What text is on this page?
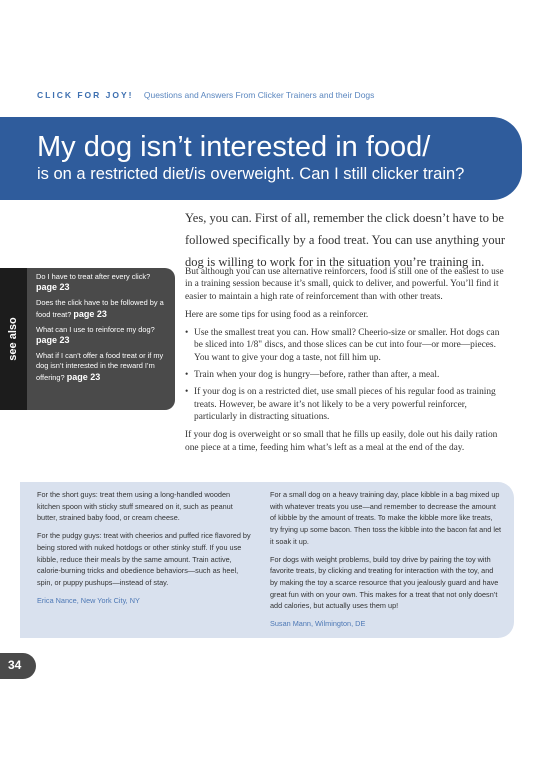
CLICK FOR JOY! Questions and Answers From Clicker Trainers and their Dogs
My dog isn’t interested in food/
is on a restricted diet/is overweight. Can I still clicker train?
Yes, you can. First of all, remember the click doesn’t have to be followed specifically by a food treat. You can use anything your dog is willing to work for in the situation you’re training in.

But although you can use alternative reinforcers, food is still one of the easiest to use in a training session because it’s small, quick to deliver, and powerful. You’ll find it easier to maintain a high rate of reinforcement than with other treats.

Here are some tips for using food as a reinforcer.

• Use the smallest treat you can. How small? Cheerio-size or smaller. Hot dogs can be sliced into 1/8" discs, and those slices can be cut into four—or more—pieces. You want to give your dog a taste, not fill him up.
• Train when your dog is hungry—before, rather than after, a meal.
• If your dog is on a restricted diet, use small pieces of his regular food as training treats. However, be aware it’s not likely to be a very powerful reinforcer, particularly in distracting situations.

If your dog is overweight or so small that he fills up easily, dole out his daily ration one piece at a time, feeding him what’s left as a meal at the end of the day.

see also
Do I have to treat after every click?
page 23
Does the click have to be followed by a food treat? page 23
What can I use to reinforce my dog?
page 23
What if I can’t offer a food treat or if my dog isn’t interested in the reward I’m offering? page 23

For the short guys: treat them using a long-handled wooden kitchen spoon with sticky stuff smeared on it, such as peanut butter, strained baby food, or cream cheese.

For the pudgy guys: treat with cheerios and puffed rice flavored by being stored with nuked hotdogs or other stinky stuff. If you use kibble, reduce their meals by the same amount. Train active, calorie-burning tricks and obedience behaviors—such as heel, spin, or puppy pushups—instead of stay.

Erica Nance, New York City, NY

For a small dog on a heavy training day, place kibble in a bag mixed up with whatever treats you use—and remember to decrease the amount of kibble by the amount of treats. To make the kibble more like treats, try frying up some bacon. Then toss the kibble into the bacon fat and let it soak it up.

For dogs with weight problems, build toy drive by pairing the toy with favorite treats, by clicking and treating for interaction with the toy, and by making the toy a scarce resource that you jealously guard and have great fun with on your own. This makes for a treat that not only doesn’t add calories, but actually uses them up!

Susan Mann, Wilmington, DE

34
